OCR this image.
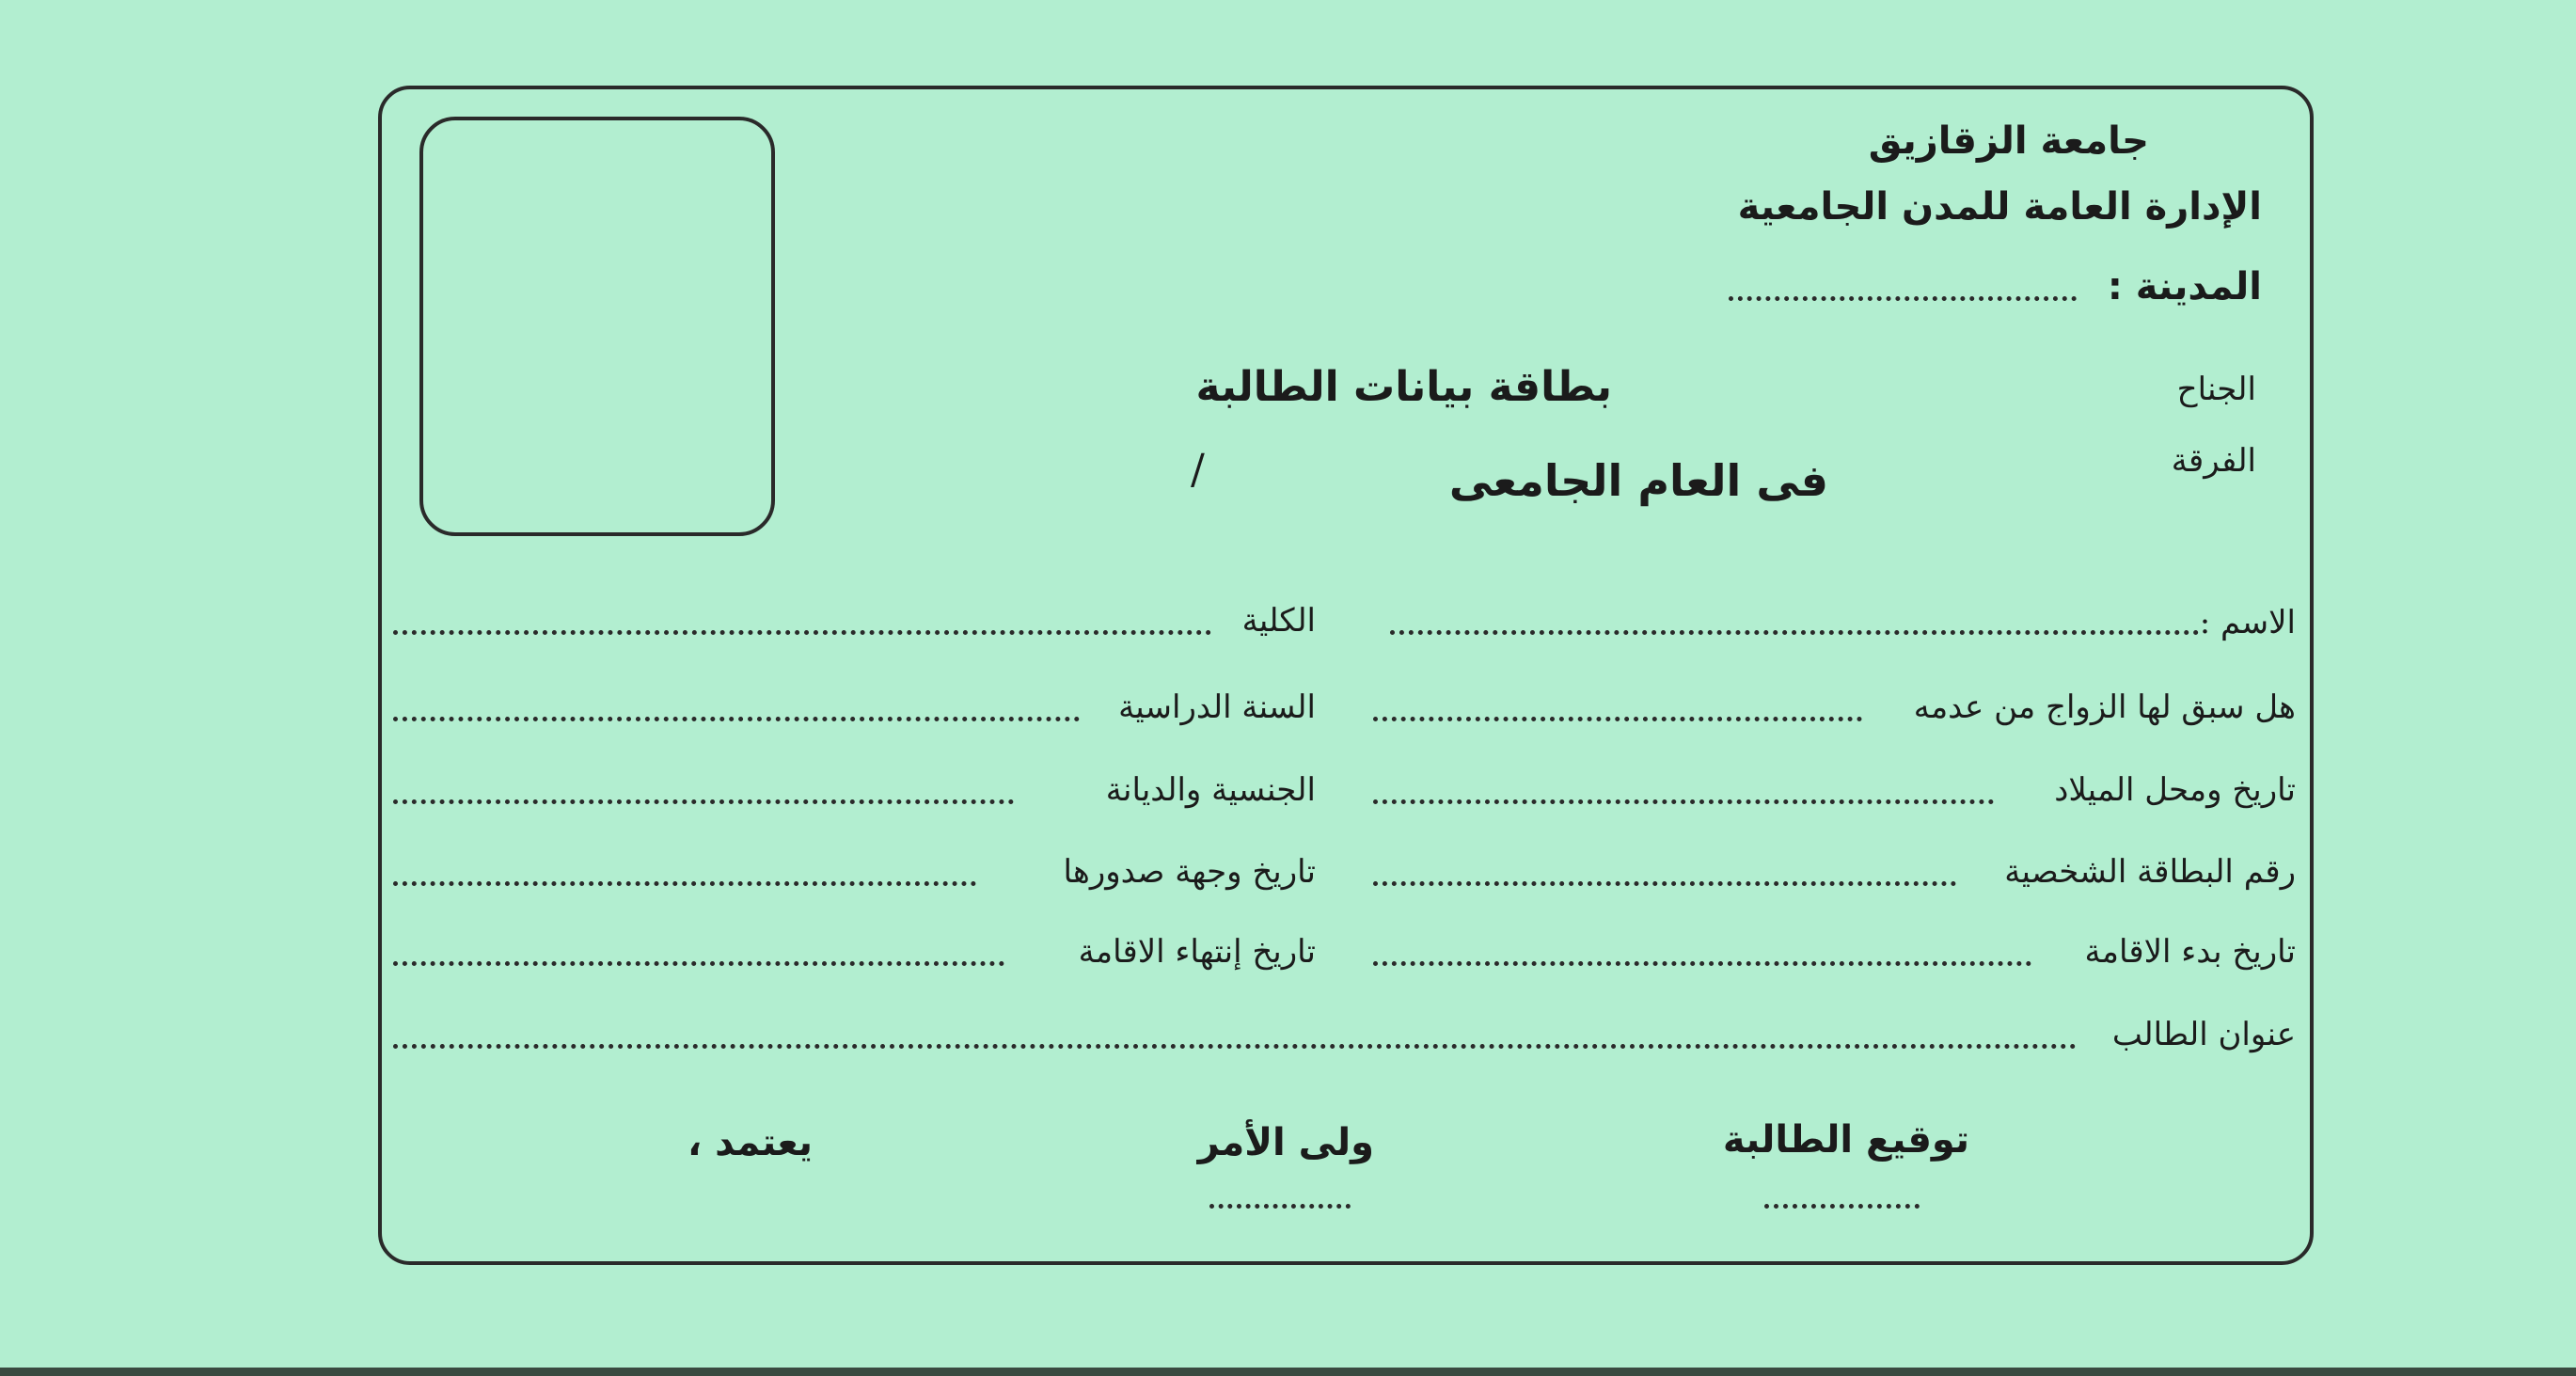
جامعة الزقازيق
الإدارة العامة للمدن الجامعية
المدينة :
الجناح
الفرقة
بطاقة بيانات الطالبة
فى العام الجامعى
/
الاسم :
هل سبق لها الزواج من عدمه
تاريخ ومحل الميلاد
رقم البطاقة الشخصية
تاريخ بدء الاقامة
عنوان الطالب
الكلية
السنة الدراسية
الجنسية والديانة
تاريخ وجهة صدورها
تاريخ إنتهاء الاقامة
توقيع الطالبة
ولى الأمر
يعتمد ،
